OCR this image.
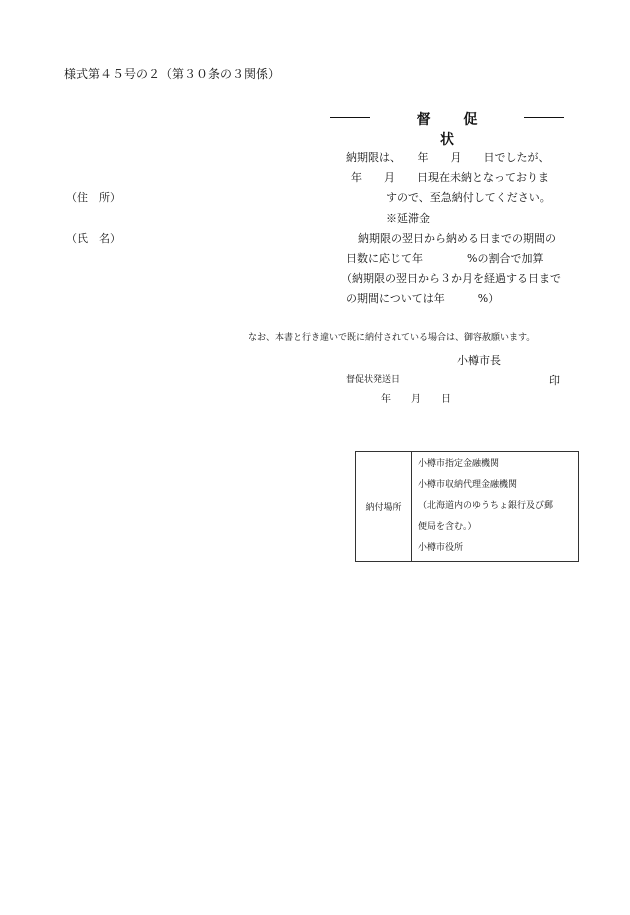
様式第４５号の２（第３０条の３関係）
督 促 状
納期限は、　　年　　月　　日でしたが、
年　　月　　日現在未納となっておりま
すので、至急納付してください。
※延滞金
納期限の翌日から納める日までの期間の
日数に応じて年　　　　%の割合で加算
（納期限の翌日から３か月を経過する日まで
の期間については年　　　%）
（住　所）
（氏　名）
なお、本書と行き違いで既に納付されている場合は、御容赦願います。
小樽市長
督促状発送日	印
年　　月　　日
納付場所	
小樽市指定金融機関
小樽市収納代理金融機関
（北海道内のゆうちょ銀行及び郵
便局を含む。）
小樽市役所
